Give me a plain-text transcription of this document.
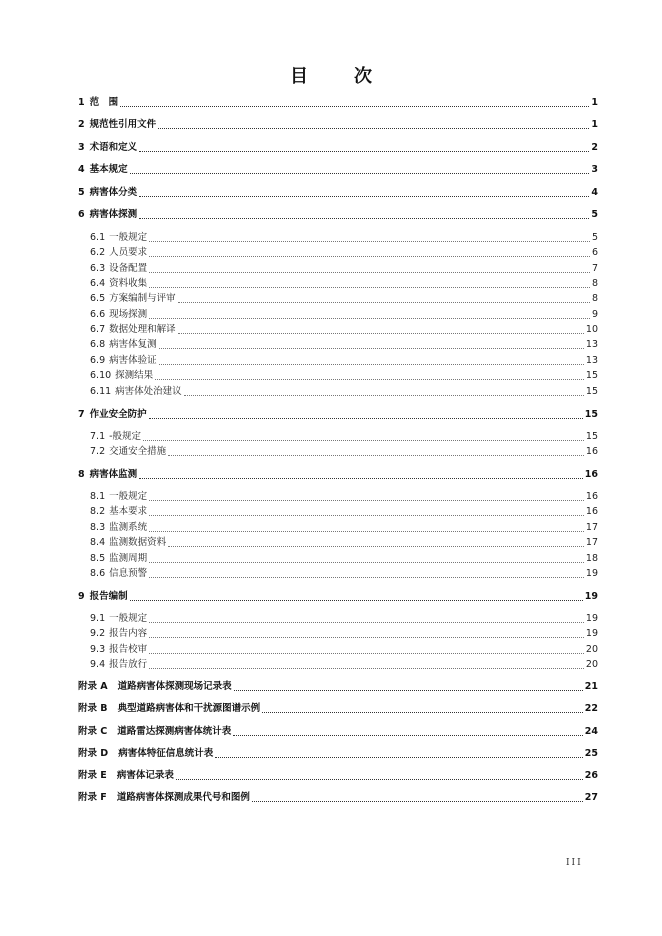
目　次
1 范　围	1
2 规范性引用文件	1
3 术语和定义	2
4 基本规定	3
5 病害体分类	4
6 病害体探测	5
6.1 一般规定	5
6.2 人员要求	6
6.3 设备配置	7
6.4 资料收集	8
6.5 方案编制与评审	8
6.6 现场探测	9
6.7 数据处理和解译	10
6.8 病害体复测	13
6.9 病害体验证	13
6.10 探测结果	15
6.11 病害体处治建议	15
7 作业安全防护	15
7.1 -般规定	15
7.2 交通安全措施	16
8 病害体监测	16
8.1 一般规定	16
8.2 基本要求	16
8.3 监测系统	17
8.4 监测数据资料	17
8.5 监测周期	18
8.6 信息预警	19
9 报告编制	19
9.1 一般规定	19
9.2 报告内容	19
9.3 报告校审	20
9.4 报告放行	20
附录 A 道路病害体探测现场记录表	21
附录 B 典型道路病害体和干扰源图谱示例	22
附录 C 道路雷达探测病害体统计表	24
附录 D 病害体特征信息统计表	25
附录 E 病害体记录表	26
附录 F 道路病害体探测成果代号和图例	27
III
